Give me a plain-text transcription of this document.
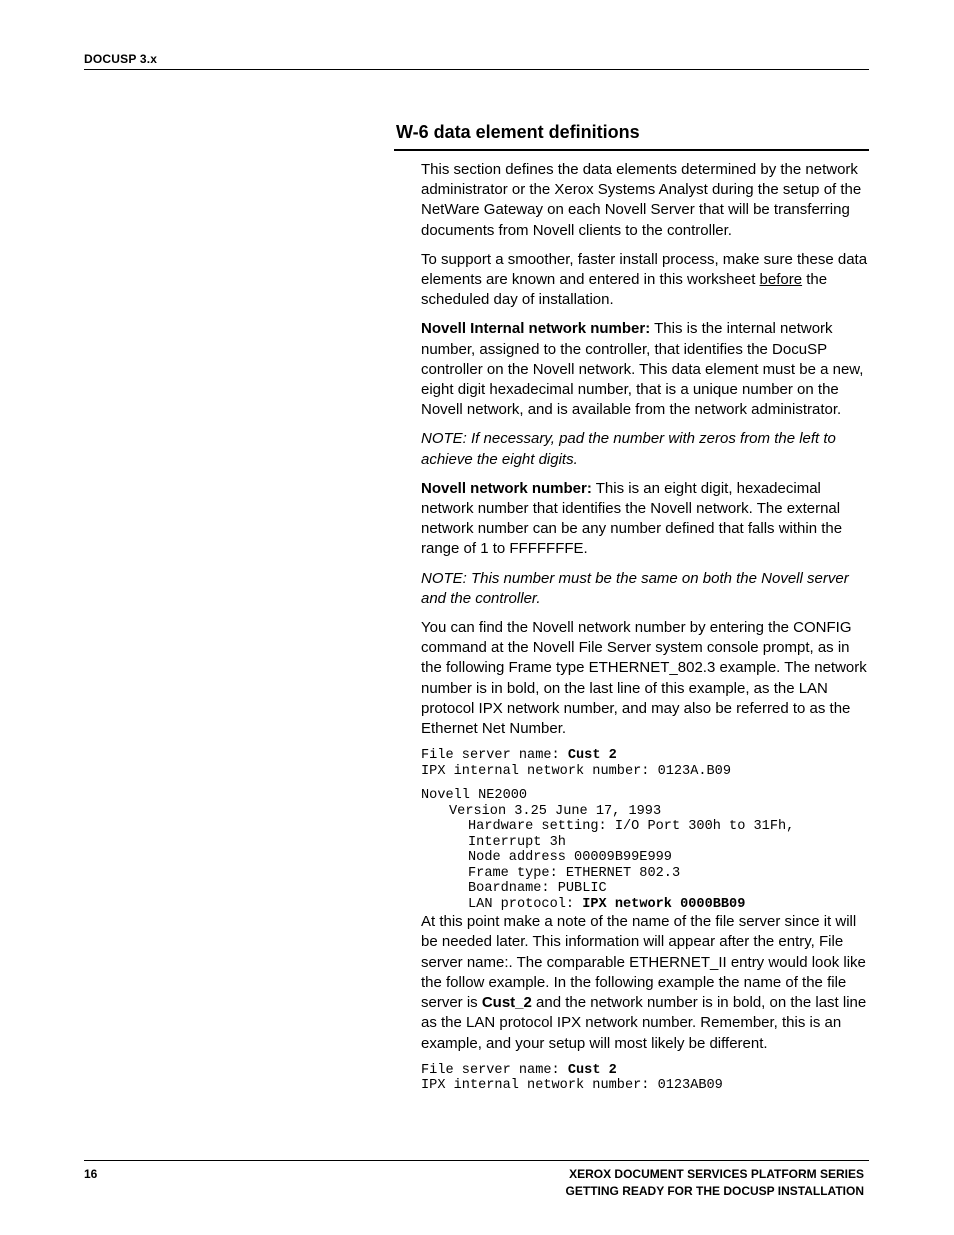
DOCUSP 3.x
W-6 data element definitions

This section defines the data elements determined by the network administrator or the Xerox Systems Analyst during the setup of the NetWare Gateway on each Novell Server that will be transferring documents from Novell clients to the controller.

To support a smoother, faster install process, make sure these data elements are known and entered in this worksheet before the scheduled day of installation.

Novell Internal network number: This is the internal network number, assigned to the controller, that identifies the DocuSP controller on the Novell network. This data element must be a new, eight digit hexadecimal number, that is a unique number on the Novell network, and is available from the network administrator.

NOTE: If necessary, pad the number with zeros from the left to achieve the eight digits.

Novell network number: This is an eight digit, hexadecimal network number that identifies the Novell network. The external network number can be any number defined that falls within the range of 1 to FFFFFFFE.

NOTE: This number must be the same on both the Novell server and the controller.

You can find the Novell network number by entering the CONFIG command at the Novell File Server system console prompt, as in the following Frame type ETHERNET_802.3 example. The network number is in bold, on the last line of this example, as the LAN protocol IPX network number, and may also be referred to as the Ethernet Net Number.

File server name: Cust 2
IPX internal network number: 0123A.B09
Novell NE2000
Version 3.25 June 17, 1993
Hardware setting: I/O Port 300h to 31Fh,
Interrupt 3h
Node address 00009B99E999
Frame type: ETHERNET 802.3
Boardname: PUBLIC
LAN protocol: IPX network 0000BB09

At this point make a note of the name of the file server since it will be needed later. This information will appear after the entry, File server name:. The comparable ETHERNET_II entry would look like the follow example. In the following example the name of the file server is Cust_2 and the network number is in bold, on the last line as the LAN protocol IPX network number. Remember, this is an example, and your setup will most likely be different.

File server name: Cust 2
IPX internal network number: 0123AB09
16	XEROX DOCUMENT SERVICES PLATFORM SERIES
GETTING READY FOR THE DOCUSP INSTALLATION
